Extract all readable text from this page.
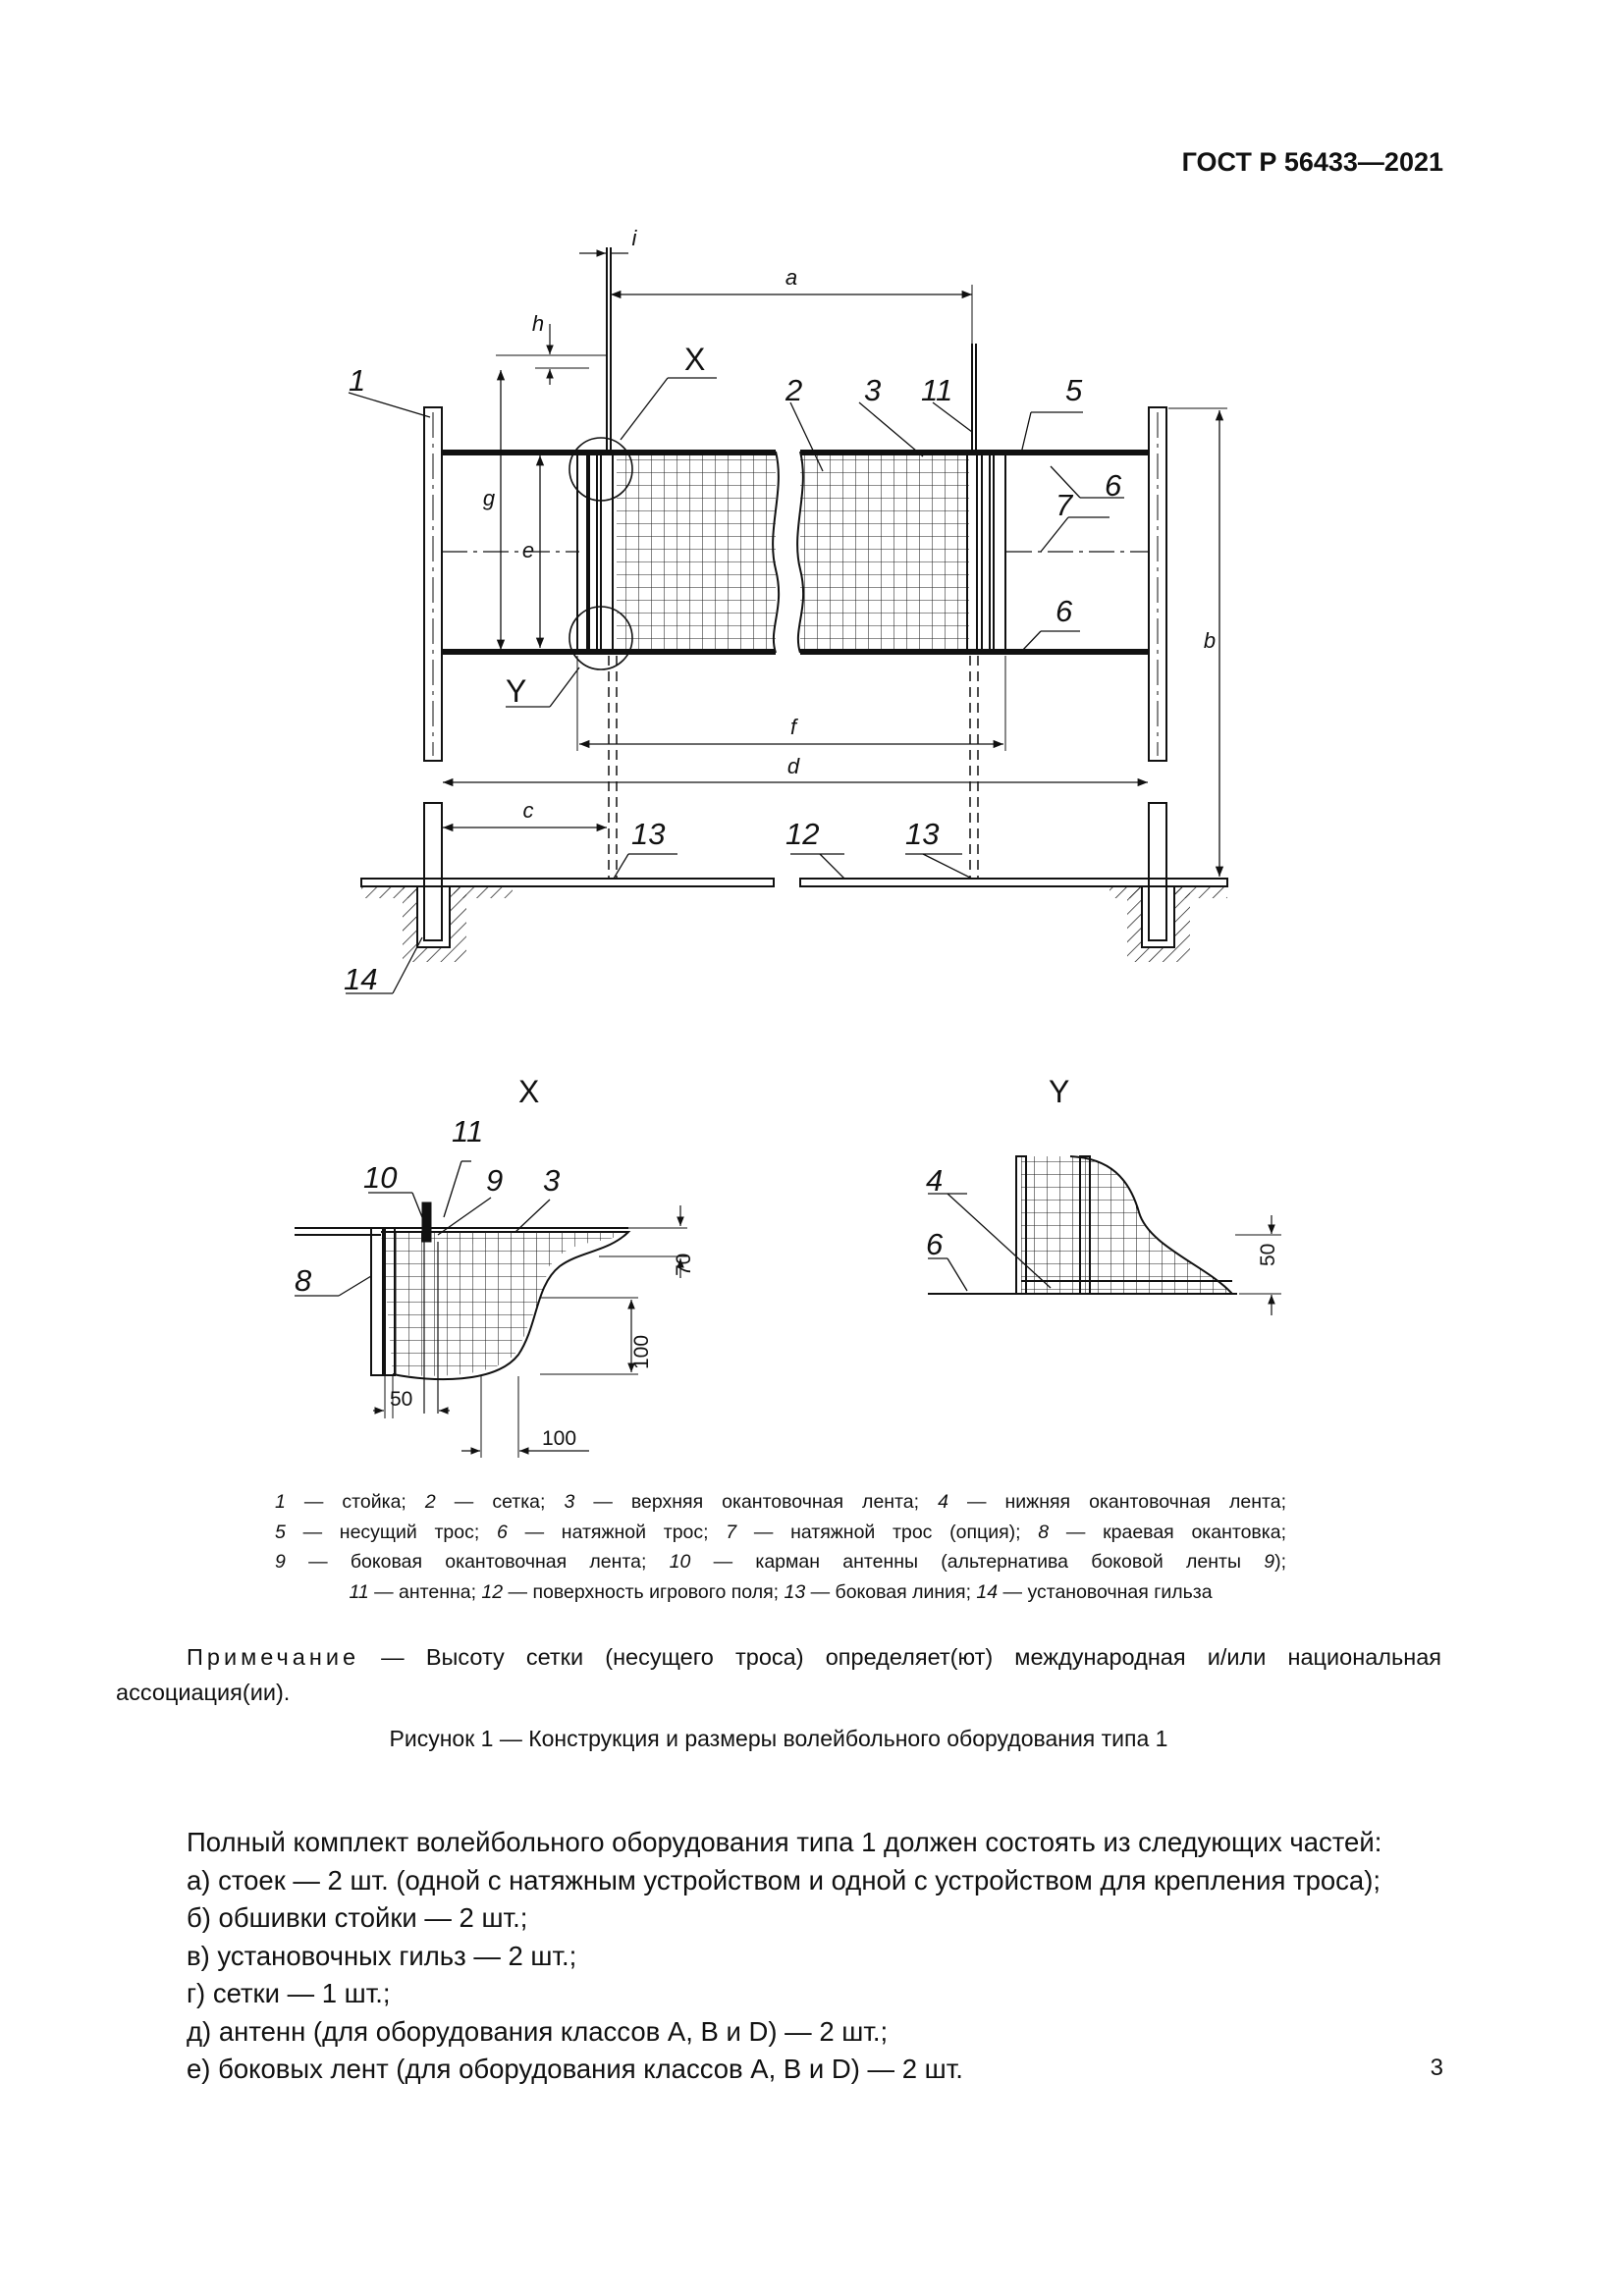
ГОСТ Р 56433—2021
1	2 3 11	5
6
7
6
13	12	13
14
X
Y
a
i
h
g
e
b
f
d
c
X
8
10
11
9 3
70
100
50
100
Y
4
6	50
1 — стойка; 2 — сетка; 3 — верхняя окантовочная лента; 4 — нижняя окантовочная лента;
5 — несущий трос; 6 — натяжной трос; 7 — натяжной трос (опция); 8 — краевая окантовка;
9 — боковая окантовочная лента; 10 — карман антенны (альтернатива боковой ленты 9);
11 — антенна; 12 — поверхность игрового поля; 13 — боковая линия; 14 — установочная гильза
Примечание — Высоту сетки (несущего троса) определяет(ют) международная и/или национальная
ассоциация(ии).
Рисунок 1 — Конструкция и размеры волейбольного оборудования типа 1
Полный комплект волейбольного оборудования типа 1 должен состоять из следующих частей:
а) стоек — 2 шт. (одной с натяжным устройством и одной с устройством для крепления троса);
б) обшивки стойки — 2 шт.;
в) установочных гильз — 2 шт.;
г) сетки — 1 шт.;
д) антенн (для оборудования классов A, B и D) — 2 шт.;
е) боковых лент (для оборудования классов A, B и D) — 2 шт.	3
